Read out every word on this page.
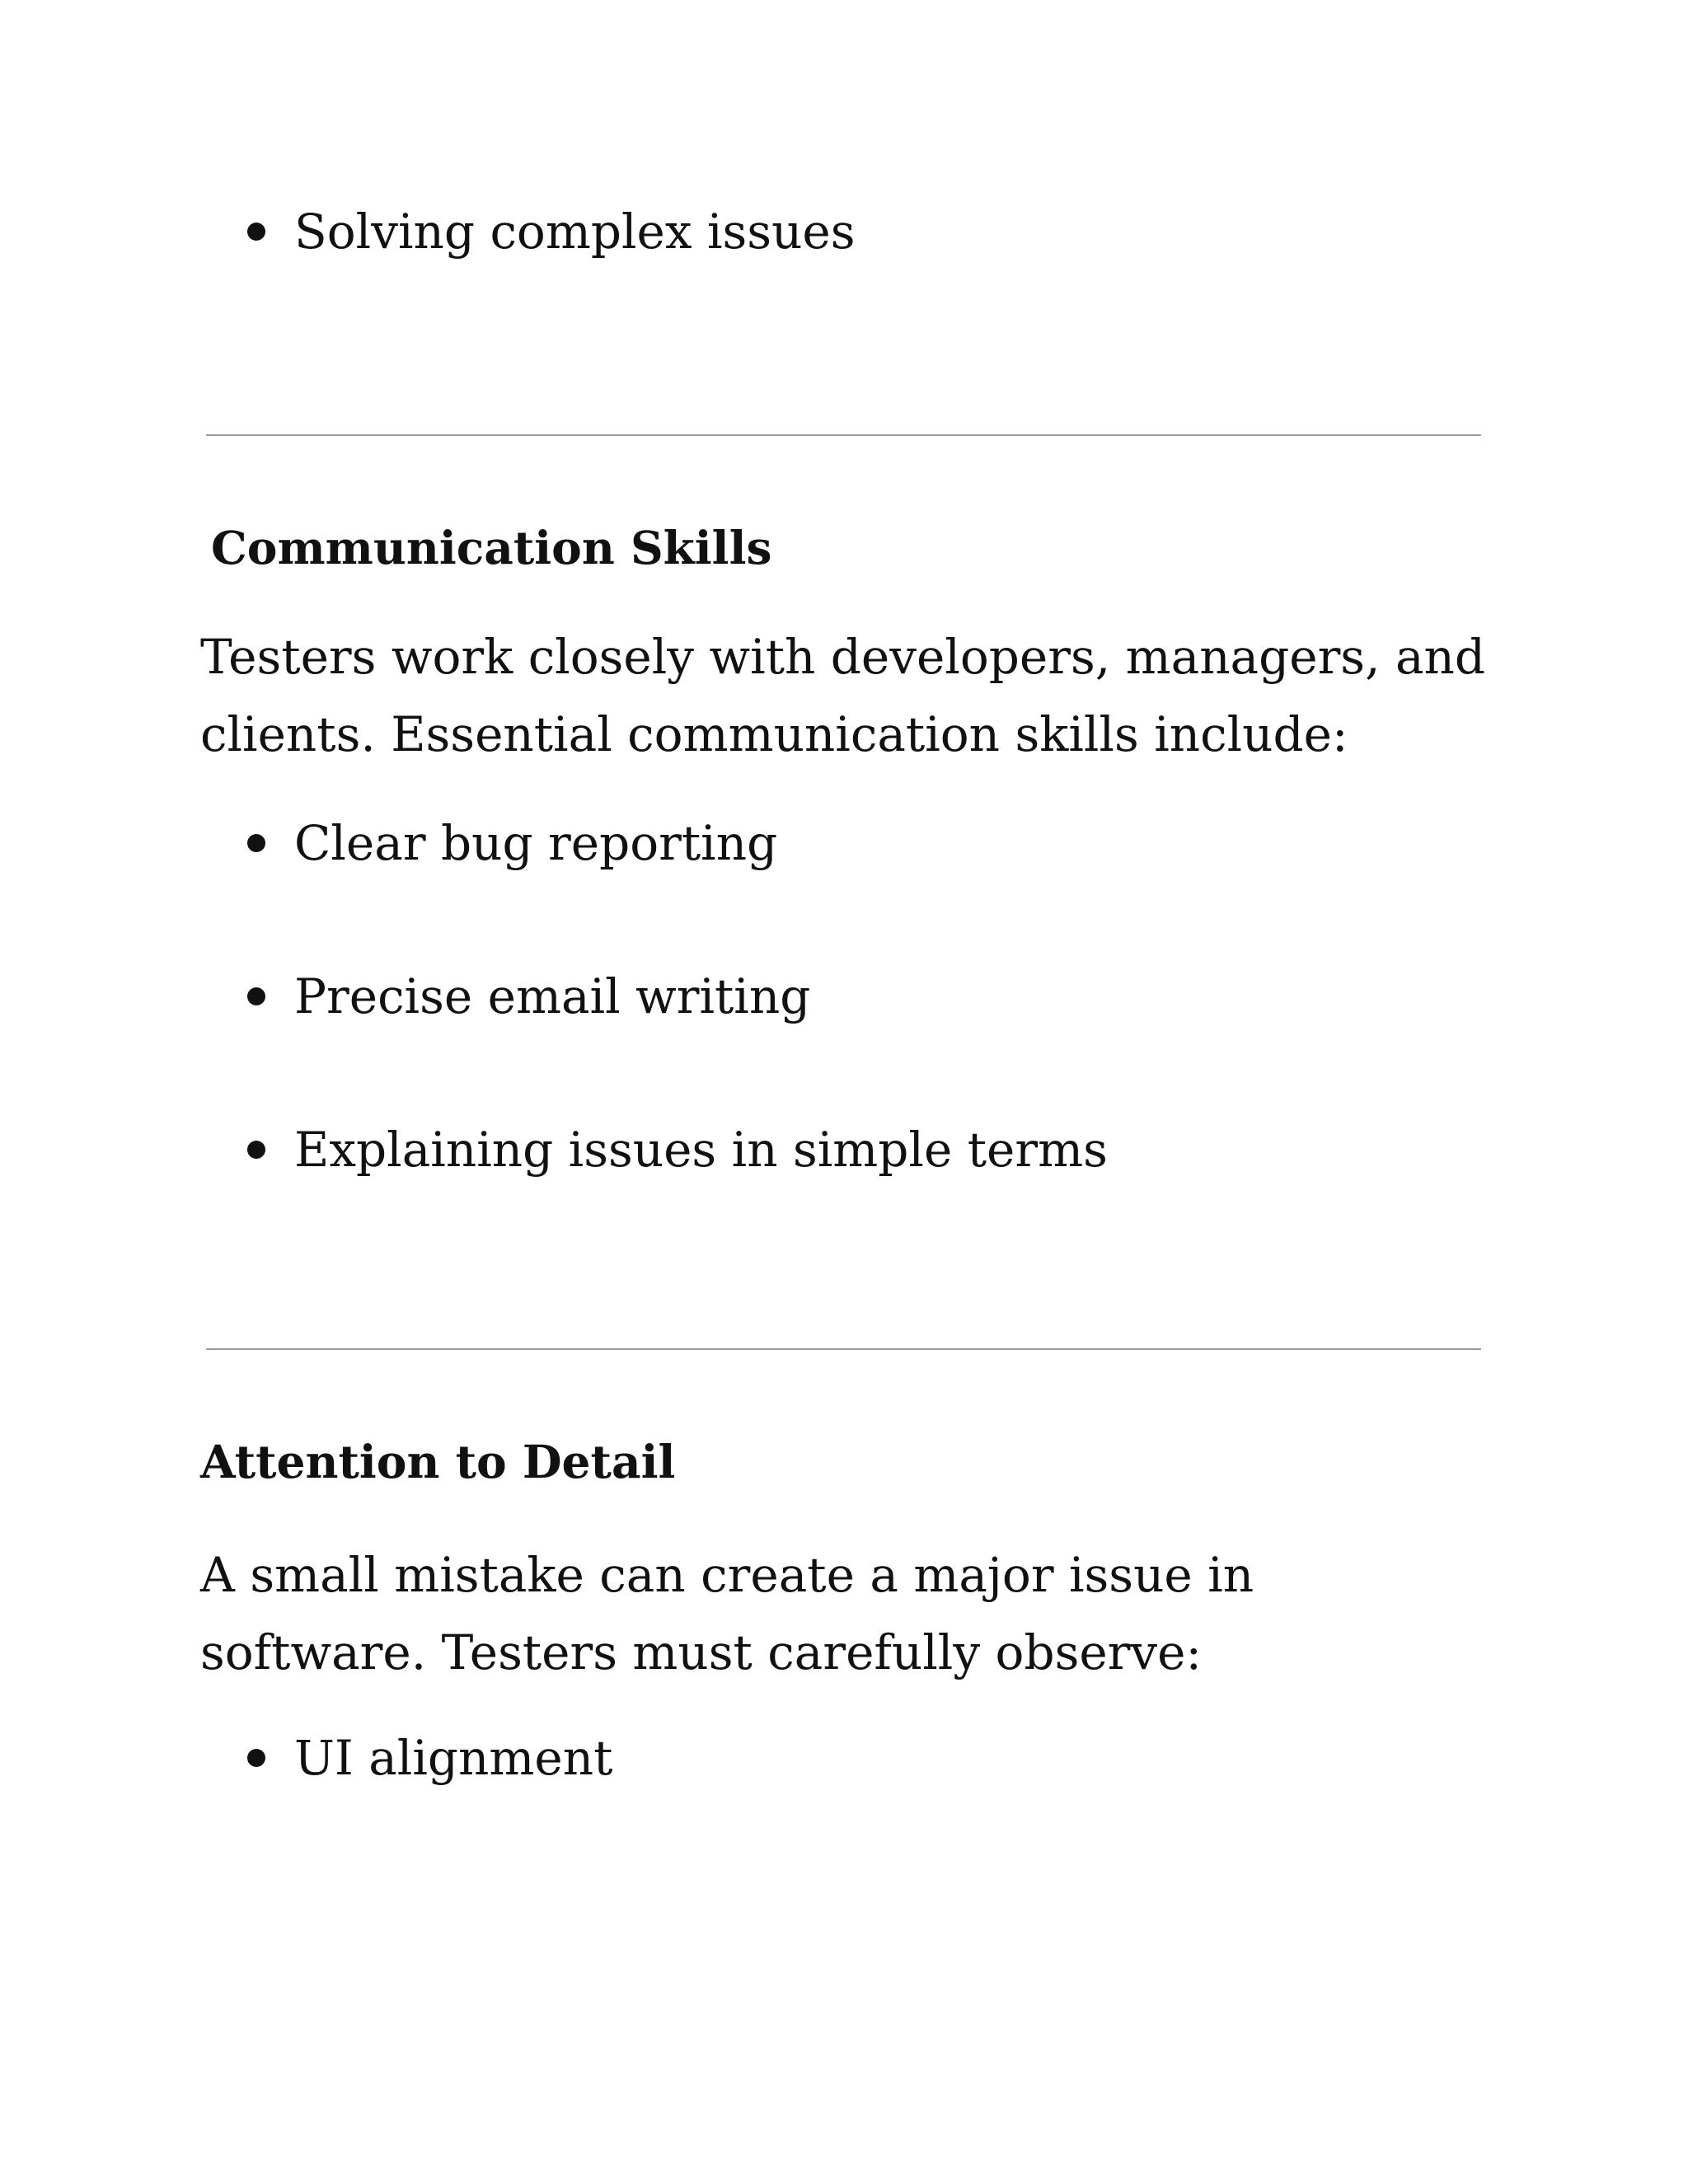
Solving complex issues
Communication Skills

Testers work closely with developers, managers, and clients. Essential communication skills include:

Clear bug reporting
Precise email writing
Explaining issues in simple terms
Attention to Detail

A small mistake can create a major issue in software. Testers must carefully observe:

UI alignment
